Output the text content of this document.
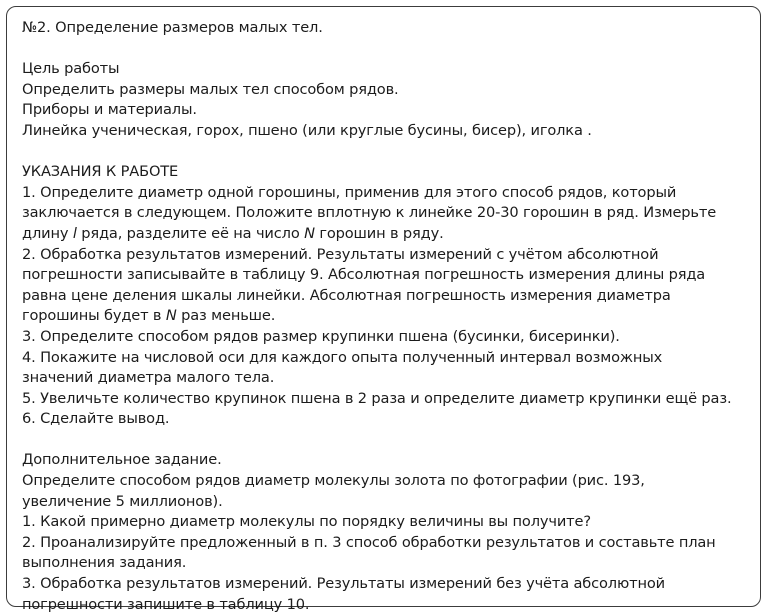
№2. Определение размеров малых тел.
Цель работы
Определить размеры малых тел способом рядов.
Приборы и материалы.
Линейка ученическая, горох, пшено (или круглые бусины, бисер), иголка .
УКАЗАНИЯ К РАБОТЕ
1. Определите диаметр одной горошины, применив для этого способ рядов, который
заключается в следующем. Положите вплотную к линейке 20-30 горошин в ряд. Измерьте
длину l ряда, разделите её на число N горошин в ряду.
2. Обработка результатов измерений. Результаты измерений с учётом абсолютной
погрешности записывайте в таблицу 9. Абсолютная погрешность измерения длины ряда
равна цене деления шкалы линейки. Абсолютная погрешность измерения диаметра
горошины будет в N раз меньше.
3. Определите способом рядов размер крупинки пшена (бусинки, бисеринки).
4. Покажите на числовой оси для каждого опыта полученный интервал возможных
значений диаметра малого тела.
5. Увеличьте количество крупинок пшена в 2 раза и определите диаметр крупинки ещё раз.
6. Сделайте вывод.
Дополнительное задание.
Определите способом рядов диаметр молекулы золота по фотографии (рис. 193,
увеличение 5 миллионов).
1. Какой примерно диаметр молекулы по порядку величины вы получите?
2. Проанализируйте предложенный в п. 3 способ обработки результатов и составьте план
выполнения задания.
3. Обработка результатов измерений. Результаты измерений без учёта абсолютной
погрешности запишите в таблицу 10.
